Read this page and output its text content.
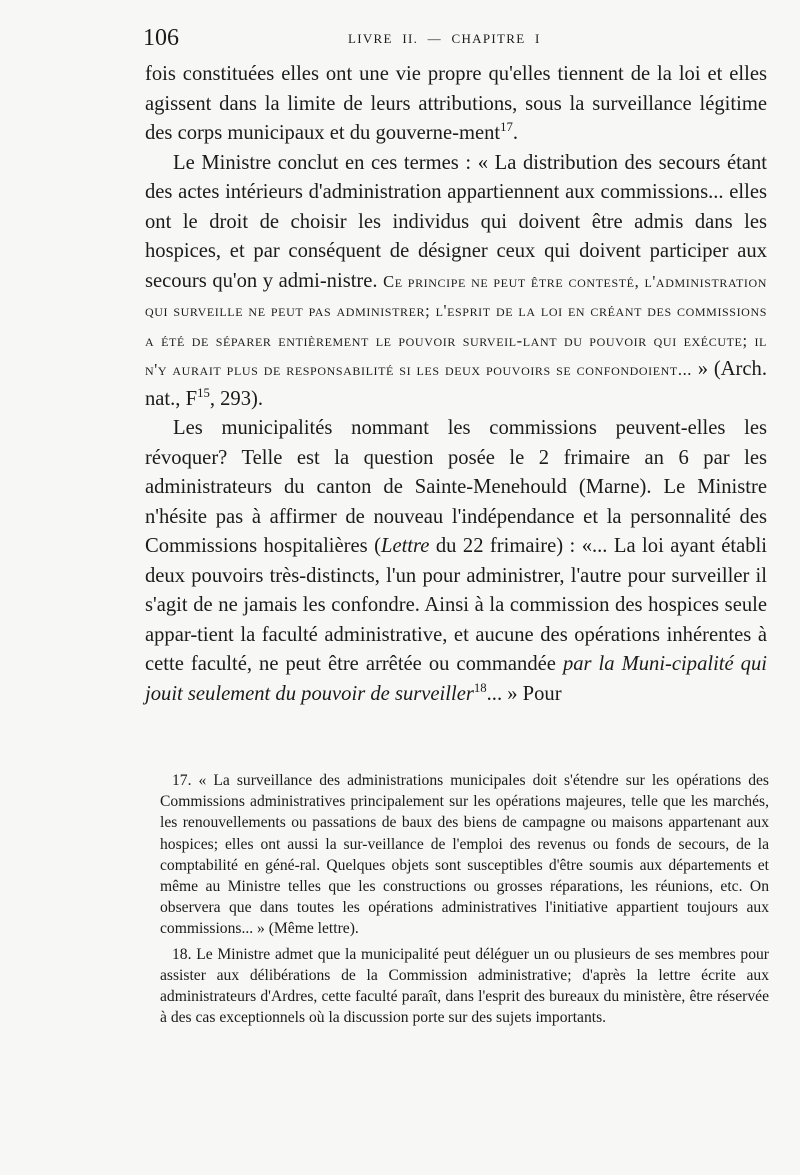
106	LIVRE II. — CHAPITRE I

fois constituées elles ont une vie propre qu'elles tiennent de la loi et elles agissent dans la limite de leurs attributions, sous la surveillance légitime des corps municipaux et du gouverne-ment$^{17}$.

Le Ministre conclut en ces termes : « La distribution des secours étant des actes intérieurs d'administration appartiennent aux commissions... elles ont le droit de choisir les individus qui doivent être admis dans les hospices, et par conséquent de désigner ceux qui doivent participer aux secours qu'on y admi-nistre. Ce principe ne peut être contesté, l'administration qui surveille ne peut pas administrer; l'esprit de la loi en créant des commissions a été de séparer entièrement le pouvoir surveil-lant du pouvoir qui exécute; il n'y aurait plus de responsabilité si les deux pouvoirs se confondoient... » (Arch. nat., $F^{15}$, 293).

Les municipalités nommant les commissions peuvent-elles les révoquer? Telle est la question posée le 2 frimaire an 6 par les administrateurs du canton de Sainte-Menehould (Marne). Le Ministre n'hésite pas à affirmer de nouveau l'indépendance et la personnalité des Commissions hospitalières (Lettre du 22 frimaire) : «... La loi ayant établi deux pouvoirs très-distincts, l'un pour administrer, l'autre pour surveiller il s'agit de ne jamais les confondre. Ainsi à la commission des hospices seule appar-tient la faculté administrative, et aucune des opérations inhérentes à cette faculté, ne peut être arrêtée ou commandée par la Muni-cipalité qui jouit seulement du pouvoir de surveiller$^{18}$... » Pour

17. « La surveillance des administrations municipales doit s'étendre sur les opérations des Commissions administratives principalement sur les opérations majeures, telle que les marchés, les renouvellements ou passations de baux des biens de campagne ou maisons appartenant aux hospices; elles ont aussi la sur-veillance de l'emploi des revenus ou fonds de secours, de la comptabilité en géné-ral. Quelques objets sont susceptibles d'être soumis aux départements et même au Ministre telles que les constructions ou grosses réparations, les réunions, etc. On observera que dans toutes les opérations administratives l'initiative appartient toujours aux commissions... » (Même lettre).

18. Le Ministre admet que la municipalité peut déléguer un ou plusieurs de ses membres pour assister aux délibérations de la Commission administrative; d'après la lettre écrite aux administrateurs d'Ardres, cette faculté paraît, dans l'esprit des bureaux du ministère, être réservée à des cas exceptionnels où la discussion porte sur des sujets importants.
